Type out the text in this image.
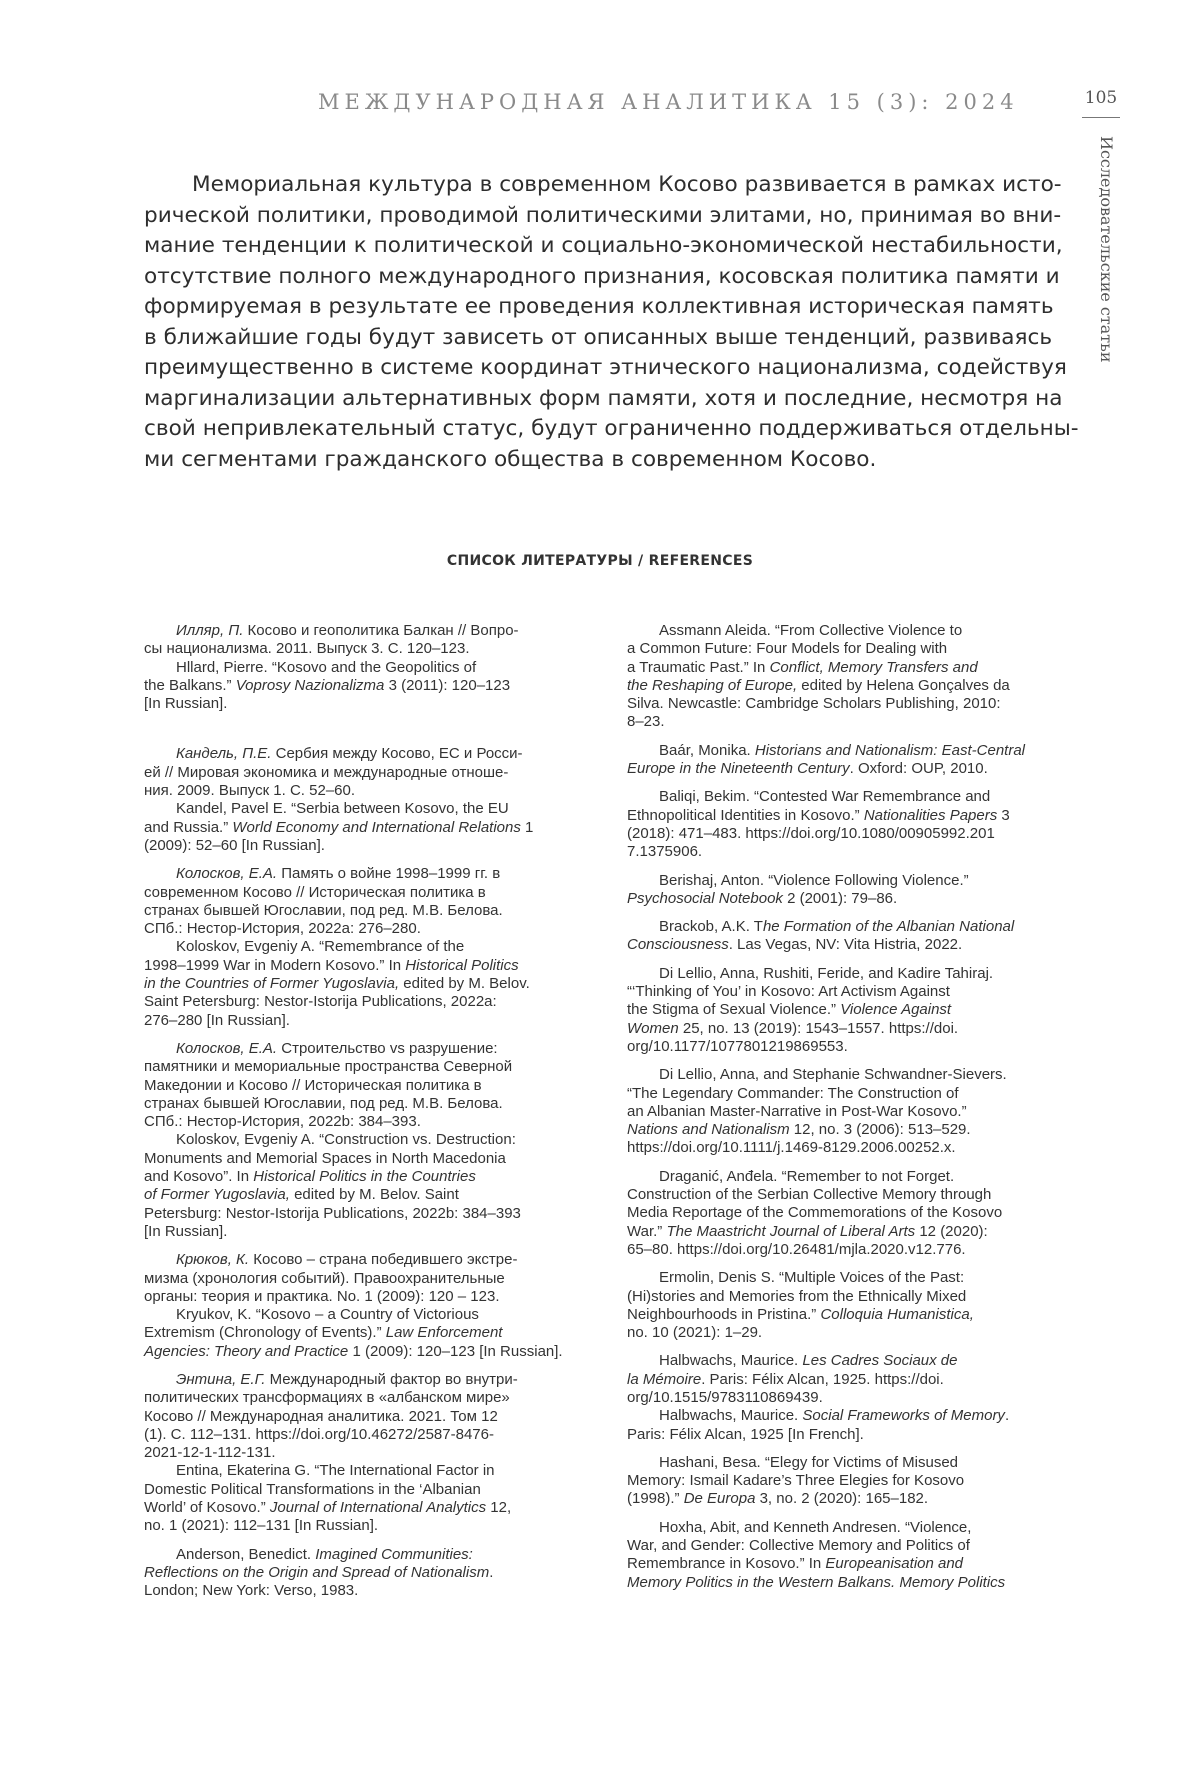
МЕЖДУНАРОДНАЯ АНАЛИТИКА 15 (3): 2024	105
Исследовательские статьи

Мемориальная культура в современном Косово развивается в рамках исто-
рической политики, проводимой политическими элитами, но, принимая во вни-
мание тенденции к политической и социально-экономической нестабильности,
отсутствие полного международного признания, косовская политика памяти и
формируемая в результате ее проведения коллективная историческая память
в ближайшие годы будут зависеть от описанных выше тенденций, развиваясь
преимущественно в системе координат этнического национализма, содействуя
маргинализации альтернативных форм памяти, хотя и последние, несмотря на
свой непривлекательный статус, будут ограниченно поддерживаться отдельны-
ми сегментами гражданского общества в современном Косово.

СПИСОК ЛИТЕРАТУРЫ / REFERENCES
Илляр, П. Косово и геополитика Балкан // Вопро-
сы национализма. 2011. Выпуск 3. С. 120–123.
Hllard, Pierre. “Kosovo and the Geopolitics of
the Balkans.” Voprosy Nazionalizma 3 (2011): 120–123
[In Russian].
Кандель, П.Е. Сербия между Косово, ЕС и Росси-
ей // Мировая экономика и международные отноше-
ния. 2009. Выпуск 1. С. 52–60.
Kandel, Pavel E. “Serbia between Kosovo, the EU
and Russia.” World Economy and International Relations 1
(2009): 52–60 [In Russian].
Колосков, Е.А. Память о войне 1998–1999 гг. в
современном Косово // Историческая политика в
странах бывшей Югославии, под ред. М.В. Белова.
СПб.: Нестор-История, 2022a: 276–280.
Koloskov, Evgeniy A. “Remembrance of the
1998–1999 War in Modern Kosovo.” In Historical Politics
in the Countries of Former Yugoslavia, edited by M. Belov.
Saint Petersburg: Nestor-Istorija Publications, 2022a:
276–280 [In Russian].
Колосков, Е.А. Строительство vs разрушение:
памятники и мемориальные пространства Северной
Македонии и Косово // Историческая политика в
странах бывшей Югославии, под ред. М.В. Белова.
СПб.: Нестор-История, 2022b: 384–393.
Koloskov, Evgeniy A. “Construction vs. Destruction:
Monuments and Memorial Spaces in North Macedonia
and Kosovo”. In Historical Politics in the Countries
of Former Yugoslavia, edited by M. Belov. Saint
Petersburg: Nestor-Istorija Publications, 2022b: 384–393
[In Russian].
Крюков, К. Косово – страна победившего экстре-
мизма (хронология событий). Правоохранительные
органы: теория и практика. No. 1 (2009): 120 – 123.
Kryukov, K. “Kosovo – a Country of Victorious
Extremism (Chronology of Events).” Law Enforcement
Agencies: Theory and Practice 1 (2009): 120–123 [In Russian].
Энтина, Е.Г. Международный фактор во внутри-
политических трансформациях в «албанском мире»
Косово // Международная аналитика. 2021. Том 12
(1). С. 112–131. https://doi.org/10.46272/2587-8476-
2021-12-1-112-131.
Entina, Ekaterina G. “The International Factor in
Domestic Political Transformations in the ‘Albanian
World’ of Kosovo.” Journal of International Analytics 12,
no. 1 (2021): 112–131 [In Russian].
Anderson, Benedict. Imagined Communities:
Reflections on the Origin and Spread of Nationalism.
London; New York: Verso, 1983.
Assmann Aleida. “From Collective Violence to
a Common Future: Four Models for Dealing with
a Traumatic Past.” In Conflict, Memory Transfers and
the Reshaping of Europe, edited by Helena Gonçalves da
Silva. Newcastle: Cambridge Scholars Publishing, 2010:
8–23.
Baár, Monika. Historians and Nationalism: East-Central
Europe in the Nineteenth Century. Oxford: OUP, 2010.
Baliqi, Bekim. “Contested War Remembrance and
Ethnopolitical Identities in Kosovo.” Nationalities Papers 3
(2018): 471–483. https://doi.org/10.1080/00905992.201
7.1375906.
Berishaj, Anton. “Violence Following Violence.”
Psychosocial Notebook 2 (2001): 79–86.
Brackob, A.K. The Formation of the Albanian National
Consciousness. Las Vegas, NV: Vita Histria, 2022.
Di Lellio, Anna, Rushiti, Feride, and Kadire Tahiraj.
“‘Thinking of You’ in Kosovo: Art Activism Against
the Stigma of Sexual Violence.” Violence Against
Women 25, no. 13 (2019): 1543–1557. https://doi.
org/10.1177/1077801219869553.
Di Lellio, Anna, and Stephanie Schwandner-Sievers.
“The Legendary Commander: The Construction of
an Albanian Master-Narrative in Post-War Kosovo.”
Nations and Nationalism 12, no. 3 (2006): 513–529.
https://doi.org/10.1111/j.1469-8129.2006.00252.x.
Draganić, Anđela. “Remember to not Forget.
Construction of the Serbian Collective Memory through
Media Reportage of the Commemorations of the Kosovo
War.” The Maastricht Journal of Liberal Arts 12 (2020):
65–80. https://doi.org/10.26481/mjla.2020.v12.776.
Ermolin, Denis S. “Multiple Voices of the Past:
(Hi)stories and Memories from the Ethnically Mixed
Neighbourhoods in Pristina.” Colloquia Humanistica,
no. 10 (2021): 1–29.
Halbwachs, Maurice. Les Cadres Sociaux de
la Mémoire. Paris: Félix Alcan, 1925. https://doi.
org/10.1515/9783110869439.
Halbwachs, Maurice. Social Frameworks of Memory.
Paris: Félix Alcan, 1925 [In French].
Hashani, Besa. “Elegy for Victims of Misused
Memory: Ismail Kadare’s Three Elegies for Kosovo
(1998).” De Europa 3, no. 2 (2020): 165–182.
Hoxha, Abit, and Kenneth Andresen. “Violence,
War, and Gender: Collective Memory and Politics of
Remembrance in Kosovo.” In Europeanisation and
Memory Politics in the Western Balkans. Memory Politics
